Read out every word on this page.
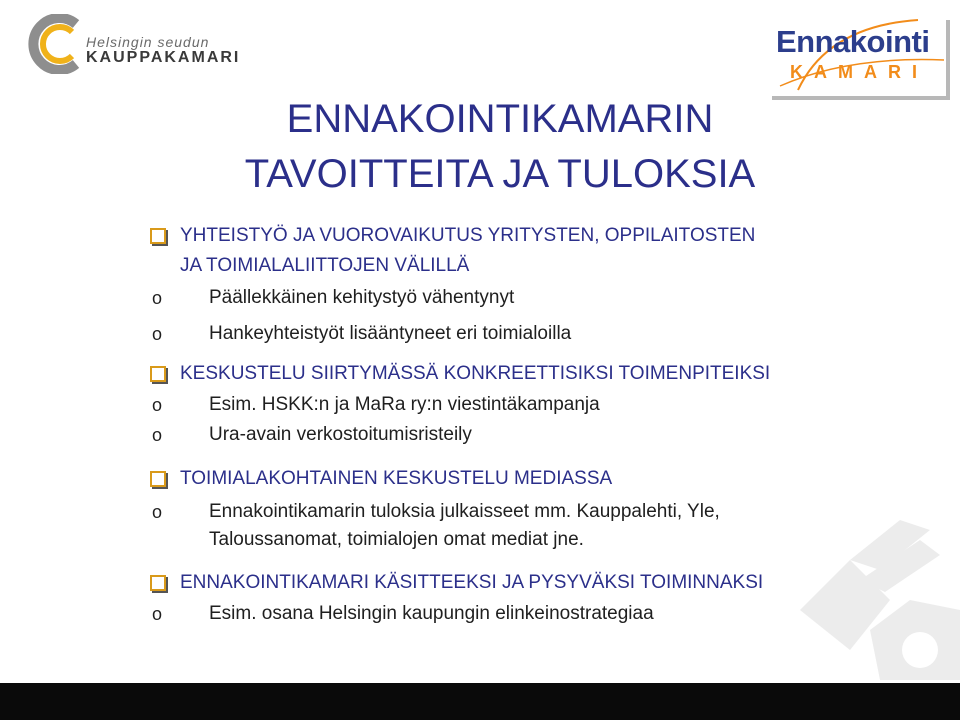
Helsingin seudun
KAUPPAKAMARI	Ennakointi
KAMARI
ENNAKOINTIKAMARIN
TAVOITTEITA JA TULOKSIA
YHTEISTYÖ JA VUOROVAIKUTUS YRITYSTEN, OPPILAITOSTEN
JA TOIMIALALIITTOJEN VÄLILLÄ
o Päällekkäinen kehitystyö vähentynyt
o Hankeyhteistyöt lisääntyneet eri toimialoilla
KESKUSTELU SIIRTYMÄSSÄ KONKREETTISIKSI TOIMENPITEIKSI
o Esim. HSKK:n ja MaRa ry:n viestintäkampanja
o Ura-avain verkostoitumisristeily
TOIMIALAKOHTAINEN KESKUSTELU MEDIASSA
o Ennakointikamarin tuloksia julkaisseet mm. Kauppalehti, Yle,
Taloussanomat, toimialojen omat mediat jne.
ENNAKOINTIKAMARI KÄSITTEEKSI JA PYSYVÄKSI TOIMINNAKSI
o Esim. osana Helsingin kaupungin elinkeinostrategiaa
